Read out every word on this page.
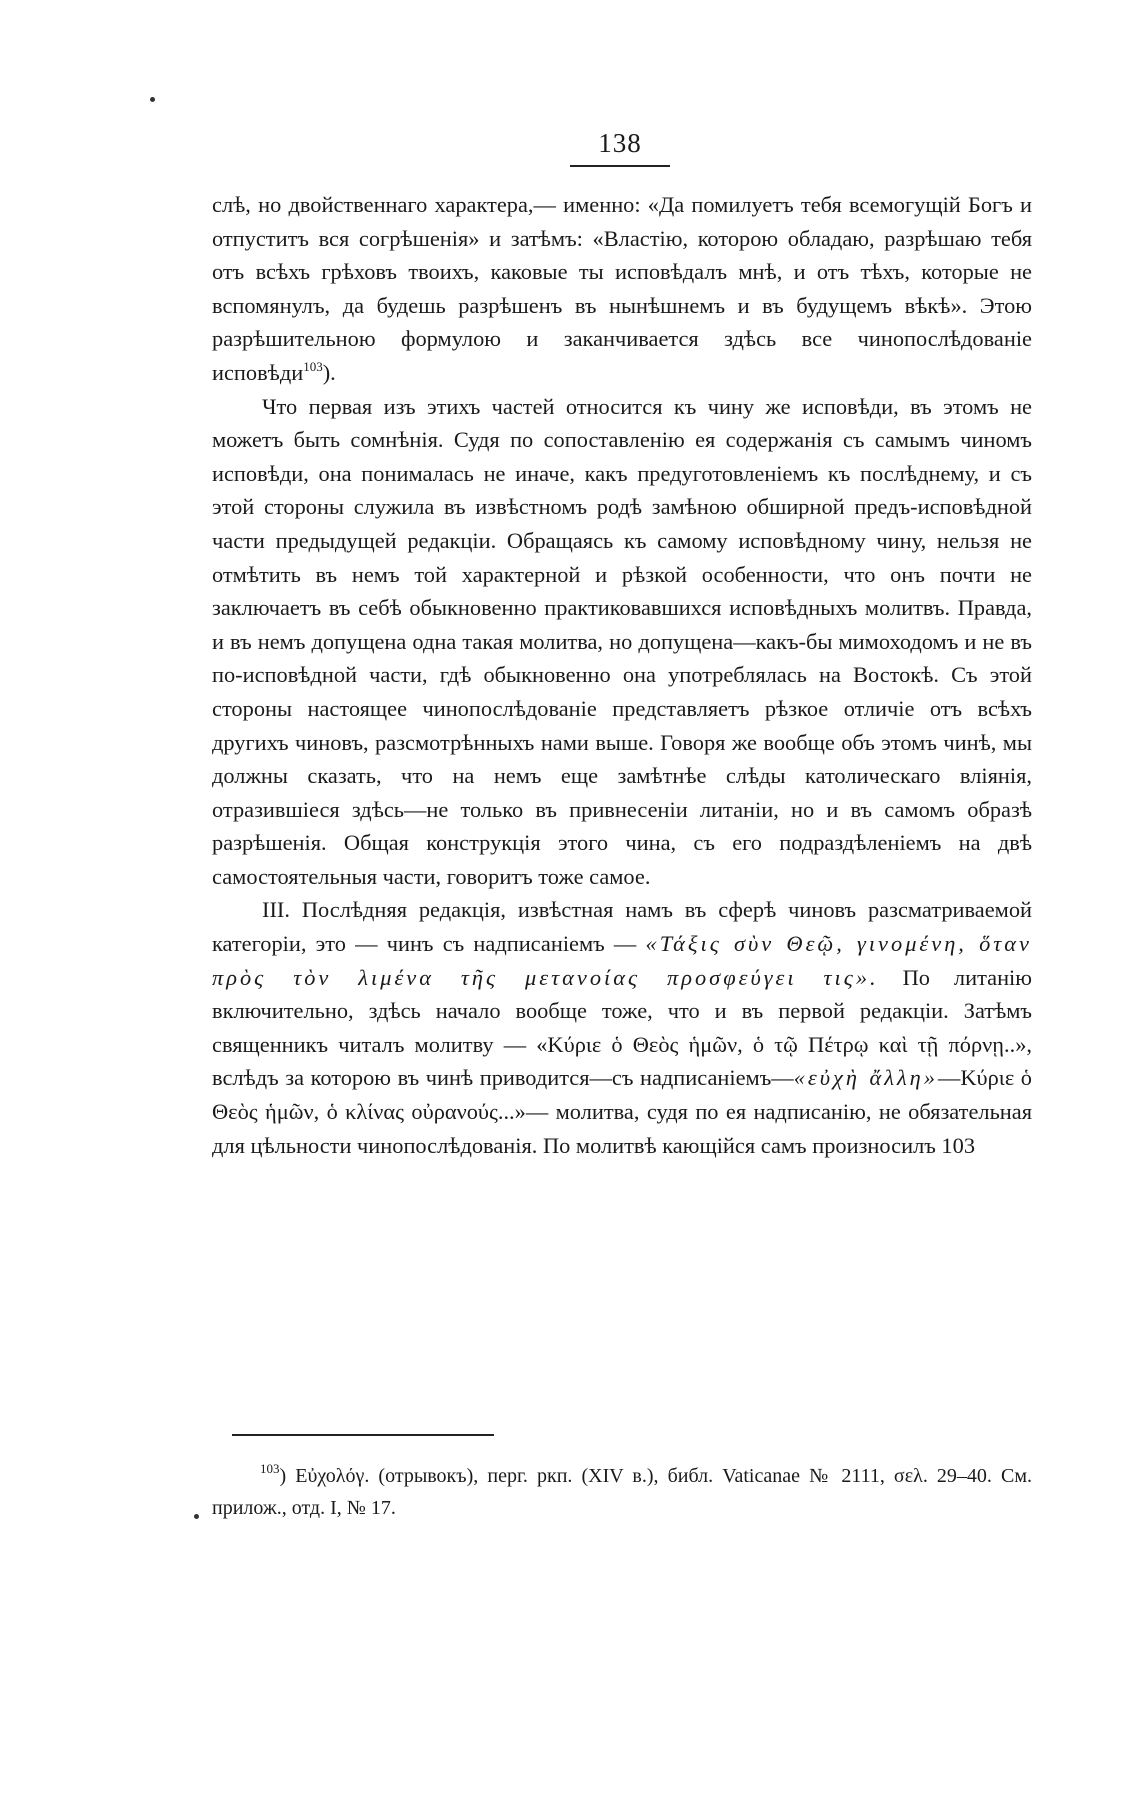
138

слѣ, но двойственнаго характера,— именно: «Да помилуетъ тебя всемогущій Богъ и отпуститъ вся согрѣшенія» и затѣмъ: «Властію, которою обладаю, разрѣшаю тебя отъ всѣхъ грѣховъ твоихъ, каковые ты исповѣдалъ мнѣ, и отъ тѣхъ, которые не вспомянулъ, да будешь разрѣшенъ въ нынѣшнемъ и въ будущемъ вѣкѣ». Этою разрѣшительною формулою и заканчивается здѣсь все чинопослѣдованіе исповѣди$^{103}$).

Что первая изъ этихъ частей относится къ чину же исповѣди, въ этомъ не можетъ быть сомнѣнія. Судя по сопоставленію ея содержанія съ самымъ чиномъ исповѣди, она понималась не иначе, какъ предуготовленіемъ къ послѣднему, и съ этой стороны служила въ извѣстномъ родѣ замѣною обширной предъ-исповѣдной части предыдущей редакціи. Обращаясь къ самому исповѣдному чину, нельзя не отмѣтить въ немъ той характерной и рѣзкой особенности, что онъ почти не заключаетъ въ себѣ обыкновенно практиковавшихся исповѣдныхъ молитвъ. Правда, и въ немъ допущена одна такая молитва, но допущена—какъ-бы мимоходомъ и не въ по-исповѣдной части, гдѣ обыкновенно она употреблялась на Востокѣ. Съ этой стороны настоящее чинопослѣдованіе представляетъ рѣзкое отличіе отъ всѣхъ другихъ чиновъ, разсмотрѣнныхъ нами выше. Говоря же вообще объ этомъ чинѣ, мы должны сказать, что на немъ еще замѣтнѣе слѣды католическаго вліянія, отразившіеся здѣсь—не только въ привнесеніи литаніи, но и въ самомъ образѣ разрѣшенія. Общая конструкція этого чина, съ его подраздѣленіемъ на двѣ самостоятельныя части, говоритъ тоже самое.

III. Послѣдняя редакція, извѣстная намъ въ сферѣ чиновъ разсматриваемой категоріи, это — чинъ съ надписаніемъ — «Τάξις σὺν Θεῷ, γινομένη, ὅταν πρὸς τὸν λιμένα τῆς μετανοίας προσφεύγει τις». По литанію включительно, здѣсь начало вообще тоже, что и въ первой редакціи. Затѣмъ священникъ читалъ молитву — «Κύριε ὁ Θεὸς ἡμῶν, ὁ τῷ Πέτρῳ καὶ τῇ πόρνῃ..», вслѣдъ за которою въ чинѣ приводится—съ надписаніемъ—«εὐχὴ ἄλλη»—Κύριε ὁ Θεὸς ἡμῶν, ὁ κλίνας οὐρανούς...»— молитва, судя по ея надписанію, не обязательная для цѣльности чинопослѣдованія. По молитвѣ кающійся самъ произносилъ 103

$^{103}$) Εὐχολόγ. (отрывокъ), перг. ркп. (XIV в.), библ. Vaticanae № 2111, σελ. 29–40. См. прилож., отд. I, № 17.
